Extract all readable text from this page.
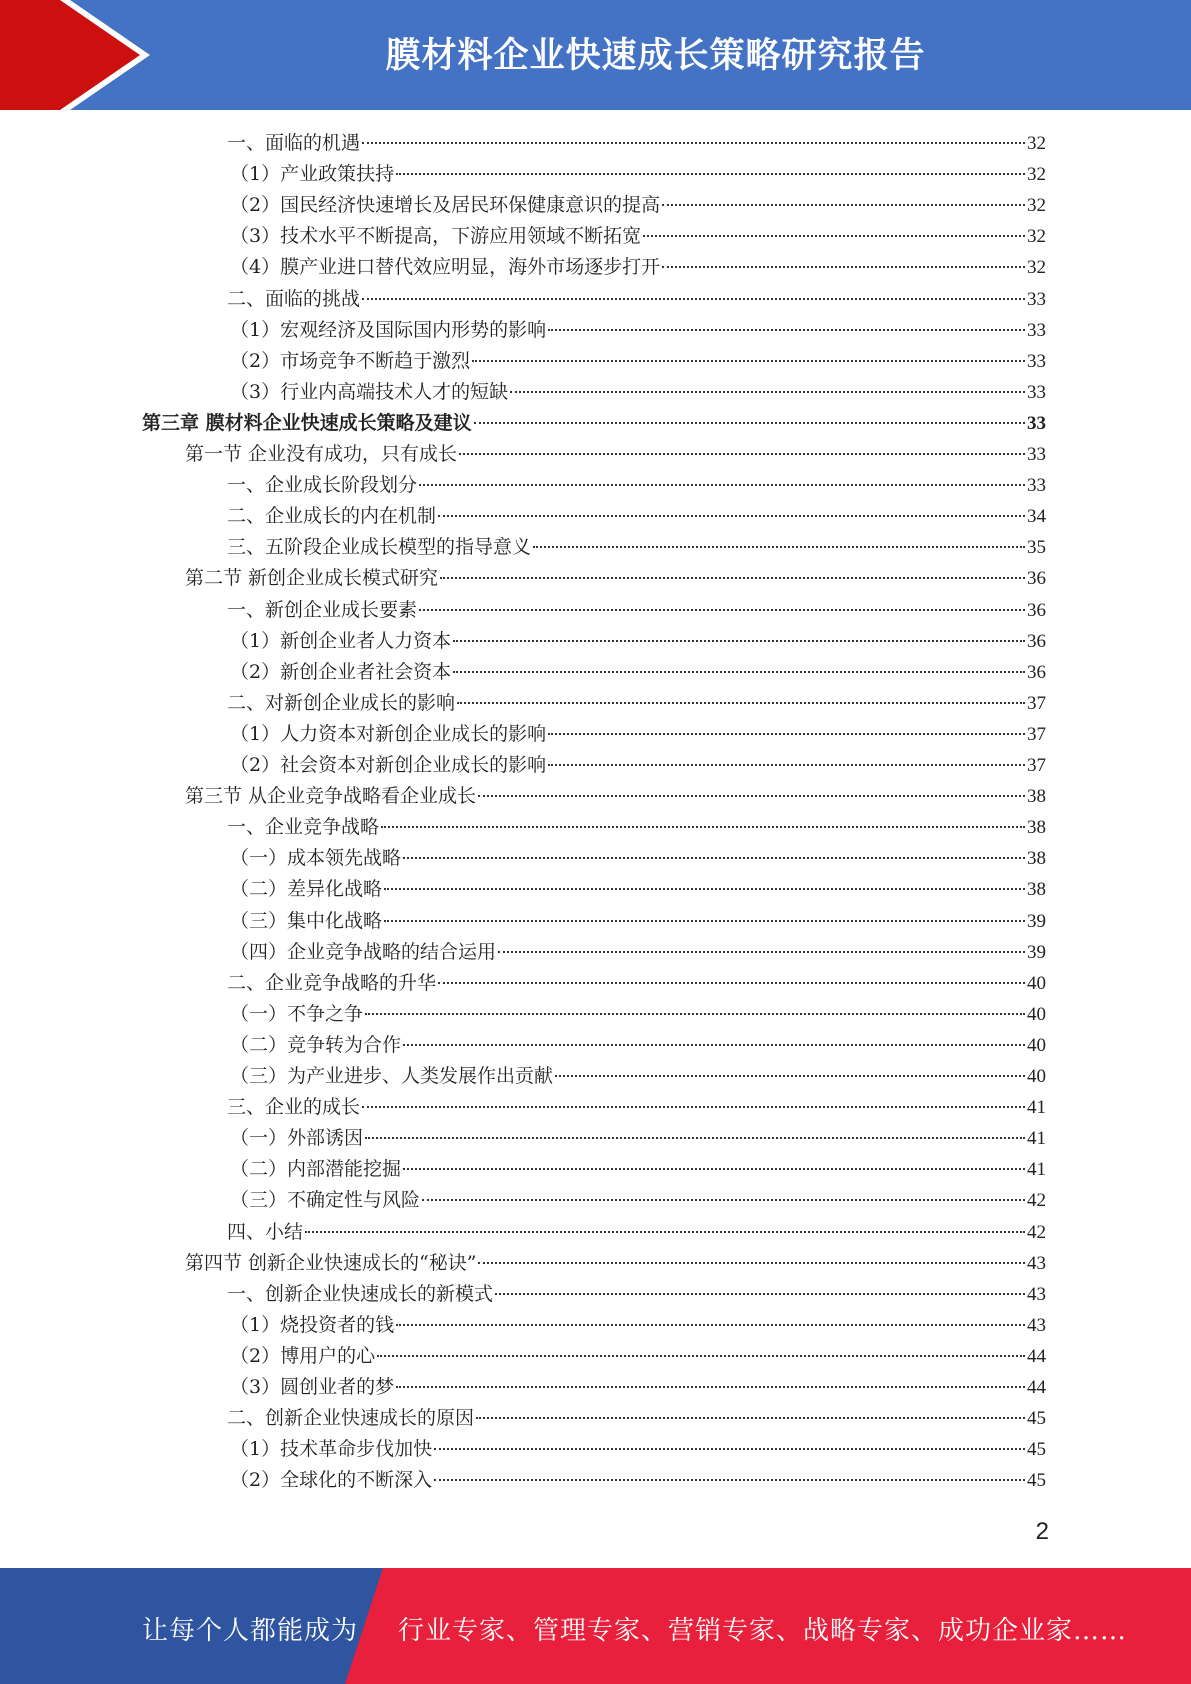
膜材料企业快速成长策略研究报告
一、面临的机遇	32
（1）产业政策扶持	32
（2）国民经济快速增长及居民环保健康意识的提高	32
（3）技术水平不断提高，下游应用领域不断拓宽	32
（4）膜产业进口替代效应明显，海外市场逐步打开	32
二、面临的挑战	33
（1）宏观经济及国际国内形势的影响	33
（2）市场竞争不断趋于激烈	33
（3）行业内高端技术人才的短缺	33
第三章 膜材料企业快速成长策略及建议	33
第一节 企业没有成功，只有成长	33
一、企业成长阶段划分	33
二、企业成长的内在机制	34
三、五阶段企业成长模型的指导意义	35
第二节 新创企业成长模式研究	36
一、新创企业成长要素	36
（1）新创企业者人力资本	36
（2）新创企业者社会资本	36
二、对新创企业成长的影响	37
（1）人力资本对新创企业成长的影响	37
（2）社会资本对新创企业成长的影响	37
第三节 从企业竞争战略看企业成长	38
一、企业竞争战略	38
（一）成本领先战略	38
（二）差异化战略	38
（三）集中化战略	39
（四）企业竞争战略的结合运用	39
二、企业竞争战略的升华	40
（一）不争之争	40
（二）竞争转为合作	40
（三）为产业进步、人类发展作出贡献	40
三、企业的成长	41
（一）外部诱因	41
（二）内部潜能挖掘	41
（三）不确定性与风险	42
四、小结	42
第四节 创新企业快速成长的“秘诀”	43
一、创新企业快速成长的新模式	43
（1）烧投资者的钱	43
（2）博用户的心	44
（3）圆创业者的梦	44
二、创新企业快速成长的原因	45
（1）技术革命步伐加快	45
（2）全球化的不断深入	45
2
让每个人都能成为 行业专家、管理专家、营销专家、战略专家、成功企业家……
